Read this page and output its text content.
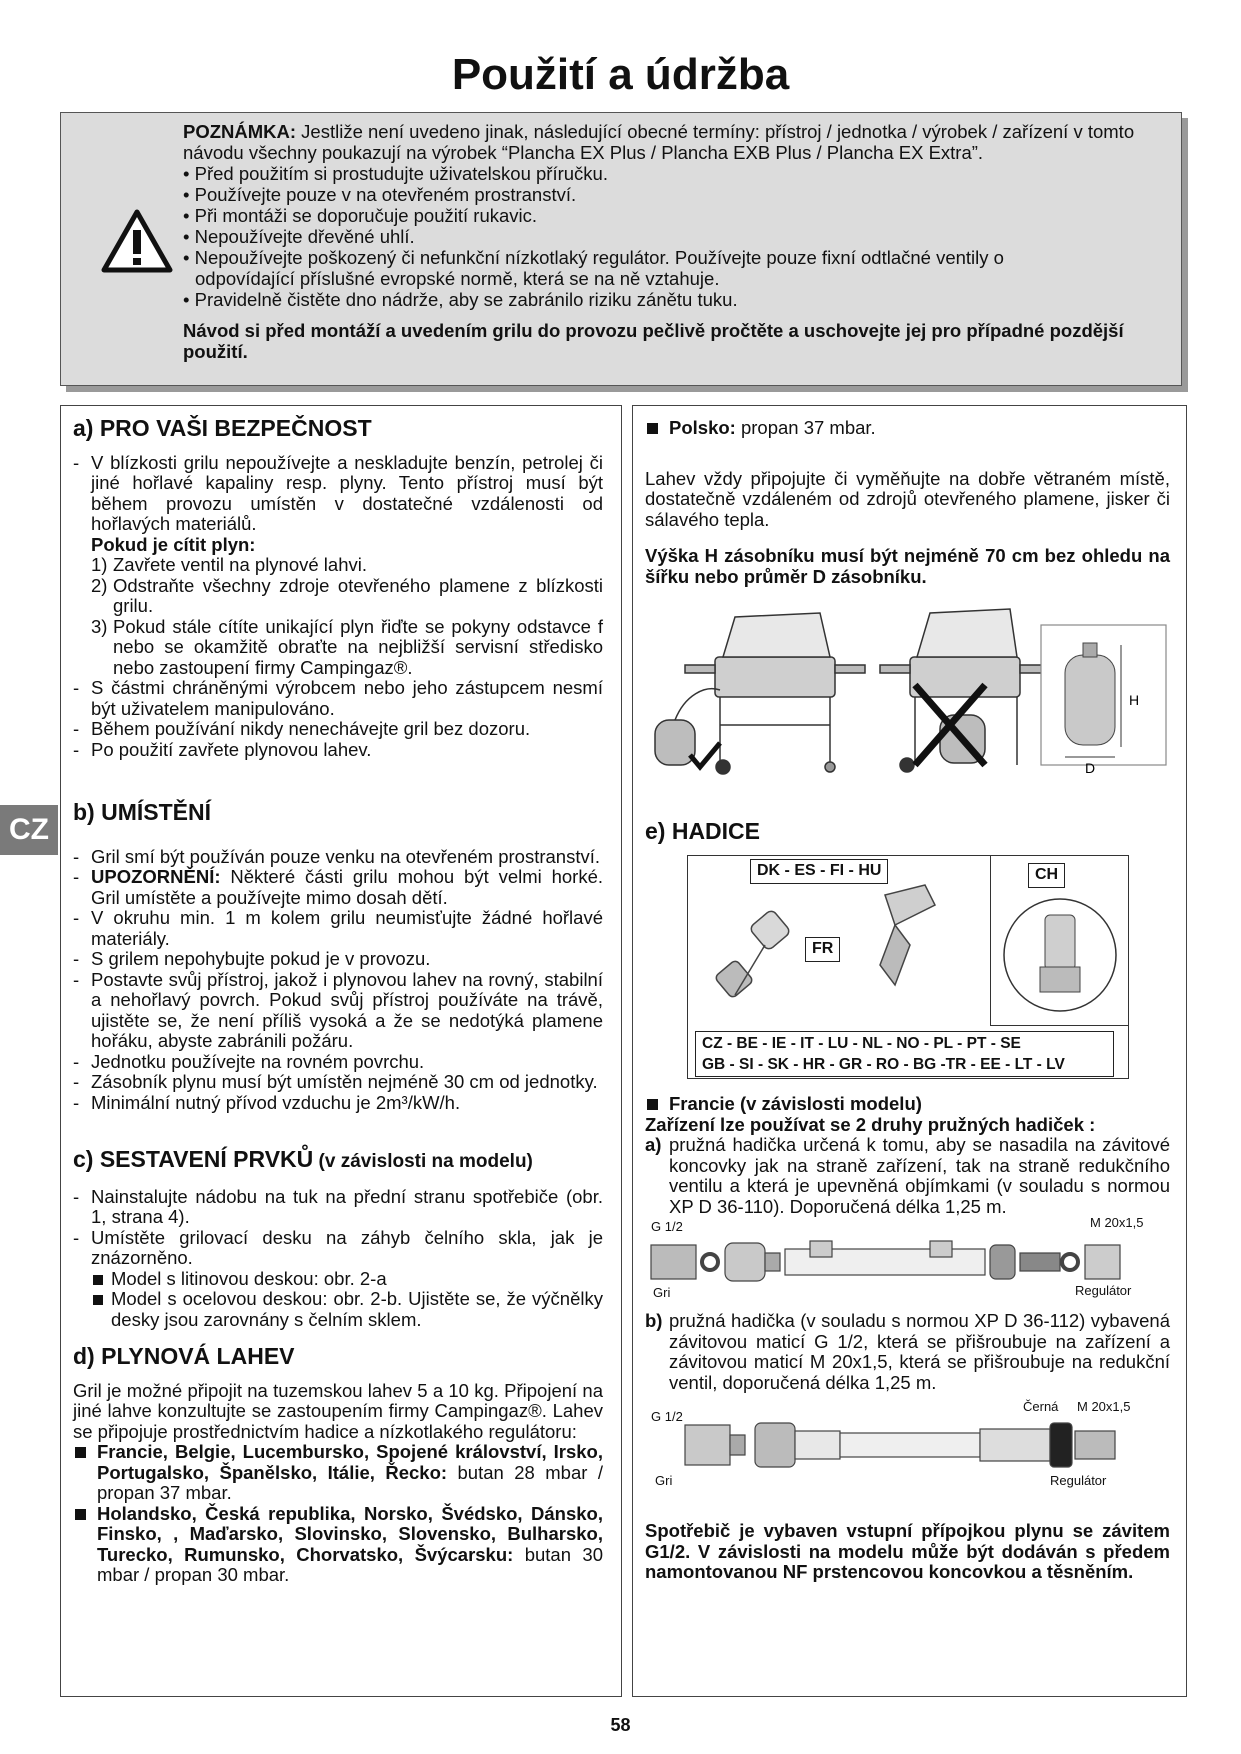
Použití a údržba

POZNÁMKA: Jestliže není uvedeno jinak, následující obecné termíny: přístroj / jednotka / výrobek / zařízení v tomto návodu všechny poukazují na výrobek “Plancha EX Plus / Plancha EXB Plus / Plancha EX Extra”.

• Před použitím si prostudujte uživatelskou příručku.

• Používejte pouze v na otevřeném prostranství.

• Při montáži se doporučuje použití rukavic.

• Nepoužívejte dřevěné uhlí.

• Nepoužívejte poškozený či nefunkční nízkotlaký regulátor. Používejte pouze fixní odtlačné ventily o

odpovídající příslušné evropské normě, která se na ně vztahuje.

• Pravidelně čistěte dno nádrže, aby se zabránilo riziku zánětu tuku.

Návod si před montáží a uvedením grilu do provozu pečlivě pročtěte a uschovejte jej pro případné pozdější použití.

CZ
a) PRO VAŠI BEZPEČNOST

- V blízkosti grilu nepoužívejte a neskladujte benzín, petrolej či jiné hořlavé kapaliny resp. plyny. Tento přístroj musí být během provozu umístěn v dostatečné vzdálenosti od hořlavých materiálů.

Pokud je cítit plyn:

1) Zavřete ventil na plynové lahvi.

2) Odstraňte všechny zdroje otevřeného plamene z blízkosti grilu.

3) Pokud stále cítíte unikající plyn řiďte se pokyny odstavce f nebo se okamžitě obraťte na nejbližší servisní středisko nebo zastoupení firmy Campingaz®.

- S částmi chráněnými výrobcem nebo jeho zástupcem nesmí být uživatelem manipulováno.

- Během používání nikdy nenechávejte gril bez dozoru.

- Po použití zavřete plynovou lahev.

b) UMÍSTĚNÍ

- Gril smí být používán pouze venku na otevřeném prostranství.

- UPOZORNĚNÍ: Některé části grilu mohou být velmi horké. Gril umístěte a používejte mimo dosah dětí.

- V okruhu min. 1 m kolem grilu neumisťujte žádné hořlavé materiály.

- S grilem nepohybujte pokud je v provozu.

- Postavte svůj přístroj, jakož i plynovou lahev na rovný, stabilní a nehořlavý povrch. Pokud svůj přístroj používáte na trávě, ujistěte se, že není příliš vysoká a že se nedotýká plamene hořáku, abyste zabránili požáru.

- Jednotku používejte na rovném povrchu.

- Zásobník plynu musí být umístěn nejméně 30 cm od jednotky.

- Minimální nutný přívod vzduchu je 2m³/kW/h.

c) SESTAVENÍ PRVKŮ (v závislosti na modelu)

- Nainstalujte nádobu na tuk na přední stranu spotřebiče (obr. 1, strana 4).

- Umístěte grilovací desku na záhyb čelního skla, jak je znázorněno.

Model s litinovou deskou: obr. 2-a

Model s ocelovou deskou: obr. 2-b. Ujistěte se, že výčnělky desky jsou zarovnány s čelním sklem.

d) PLYNOVÁ LAHEV

Gril je možné připojit na tuzemskou lahev 5 a 10 kg. Připojení na jiné lahve konzultujte se zastoupením firmy Campingaz®. Lahev se připojuje prostřednictvím hadice a nízkotlakého regulátoru:

Francie, Belgie, Lucembursko, Spojené království, Irsko, Portugalsko, Španělsko, Itálie, Řecko: butan 28 mbar / propan 37 mbar.

Holandsko, Česká republika, Norsko, Švédsko, Dánsko, Finsko, , Maďarsko, Slovinsko, Slovensko, Bulharsko, Turecko, Rumunsko, Chorvatsko, Švýcarsku: butan 30 mbar / propan 30 mbar.

Polsko: propan 37 mbar.

Lahev vždy připojujte či vyměňujte na dobře větraném místě, dostatečně vzdáleném od zdrojů otevřeného plamene, jisker či sálavého tepla.

Výška H zásobníku musí být nejméně 70 cm bez ohledu na šířku nebo průměr D zásobníku.

H
D
e) HADICE
DK - ES - FI - HU	CH
FR
CZ - BE - IE - IT - LU - NL - NO - PL - PT - SE
GB - SI - SK - HR - GR - RO - BG -TR - EE - LT - LV

Francie (v závislosti modelu)

Zařízení lze používat se 2 druhy pružných hadiček :

a) pružná hadička určená k tomu, aby se nasadila na závitové koncovky jak na straně zařízení, tak na straně redukčního ventilu a která je upevněná objímkami (v souladu s normou XP D 36-110). Doporučená délka 1,25 m.

G 1/2	M 20x1,5
Gri	Regulátor

b) pružná hadička (v souladu s normou XP D 36-112) vybavená závitovou maticí G 1/2, která se přišroubuje na zařízení a závitovou maticí M 20x1,5, která se přišroubuje na redukční ventil, doporučená délka 1,25 m.

Černá M 20x1,5
G 1/2
Gri	Regulátor

Spotřebič je vybaven vstupní přípojkou plynu se závitem G1/2. V závislosti na modelu může být dodáván s předem namontovanou NF prstencovou koncovkou a těsněním.

58
